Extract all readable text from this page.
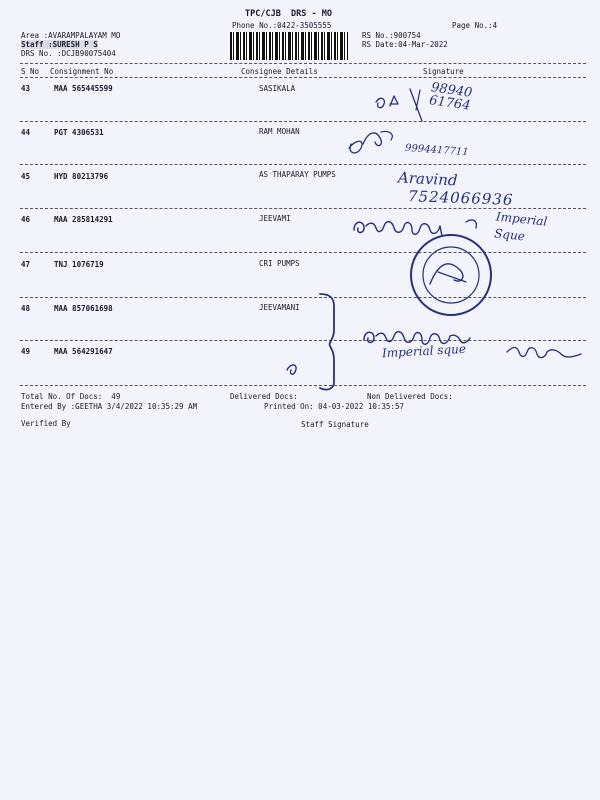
TPC/CJB  DRS - MO
Phone No.:0422-3505555	Page No.:4
Area :AVARAMPALAYAM MO
Staff :SURESH P S
DRS No. :DCJB90075404
RS No.:900754
RS Date:04-Mar-2022
S No Consignment No	Consignee Details	Signature
43	MAA 565445599	SASIKALA
44	PGT 4306531	RAM MOHAN
45	HYD 80213796	AS THAPARAY PUMPS
46	MAA 285814291	JEEVAMI
47	TNJ 1076719	CRI PUMPS
48	MAA 857061698	JEEVAMANI
49	MAA 564291647
98940
61764
9994417711
Aravind
7524066936
Imperial
Sque
Imperial sque
Total No. Of Docs:  49	Delivered Docs:	Non Delivered Docs:
Entered By :GEETHA 3/4/2022 10:35:29 AM	Printed On: 04-03-2022 10:35:57
Verified By	Staff Signature
